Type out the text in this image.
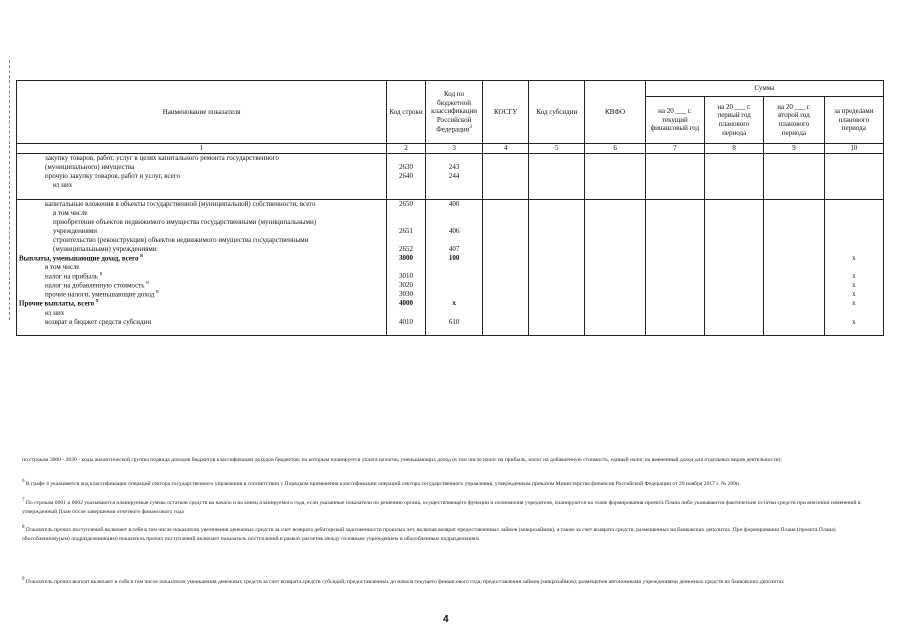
Наименование показателя	Код строки	Код по бюджетной классификации Российской Федерации$^3$	КОСГУ	Код субсидии	КВФО	Сумма			
						на 20 ___ г. текущий финансовый год	на 20 ___ г. первый год планового периода	на 20 ___ г. второй год планового периода	за пределами планового периода
1	2	3	4	5	6	7	8	9	10
закупку товаров, работ, услуг в целях капитального ремонта государственного									
(муниципального) имущества	2630	243							
прочую закупку товаров, работ и услуг, всего	2640	244							
из них									

капитальные вложения в объекты государственной (муниципальной) собственности, всего	2650	400							
в том числе									
приобретение объектов недвижимого имущества государственными (муниципальными)									
учреждениями	2651	406							
строительство (реконструкция) объектов недвижимого имущества государственными									
(муниципальными) учреждениями	2652	407							
Выплаты, уменьшающие доход, всего $^8$	3000	100							x
в том числе									
налог на прибыль $^8$	3010								x
налог на добавленную стоимость $^8$	3020								x
прочие налоги, уменьшающие доход $^8$	3030								x
Прочие выплаты, всего $^9$	4000	x							x
из них									
возврат в бюджет средств субсидии	4010	610							x

по строкам 3000 - 3030 - коды аналитической группы подвида доходов бюджетов классификации доходов бюджетов, по которым планируется уплата налогов, уменьшающих доход (в том числе налог на прибыль, налог на добавленную стоимость, единый налог на вмененный доход для отдельных видов деятельности);
$^6$ В графе 4 указывается код классификации операций сектора государственного управления в соответствии с Порядком применения классификации операций сектора государственного управления, утвержденным приказом Министерства финансов Российской Федерации от 29 ноября 2017 г. № 209н
$^7$ По строкам 0001 и 0002 указываются планируемые суммы остатков средств на начало и на конец планируемого года, если указанные показатели по решению органа, осуществляющего функции и полномочия учредителя, планируются на этапе формирования проекта Плана либо указываются фактические остатки средств при внесении изменений в утвержденный План после завершения отчетного финансового года
$^8$ Показатель прочих поступлений включает в себя в том числе показатели увеличения денежных средств за счет возврата дебиторской задолженности прошлых лет, включая возврат предоставленных займов (микрозаймов), а также за счет возврата средств, размещенных на банковских депозитах. При формировании Плана (проекта Плана) обособленному(ым) подразделению(ям) показатель прочих поступлений включает показатель поступлений в рамках расчетов между головным учреждением и обособленным подразделением
$^9$ Показатель прочих выплат включает в себя в том числе показатели уменьшения денежных средств за счет возврата средств субсидий, предоставленных до начала текущего финансового года, предоставления займов (микрозаймов), размещения автономными учреждениями денежных средств на банковских депозитах
4
